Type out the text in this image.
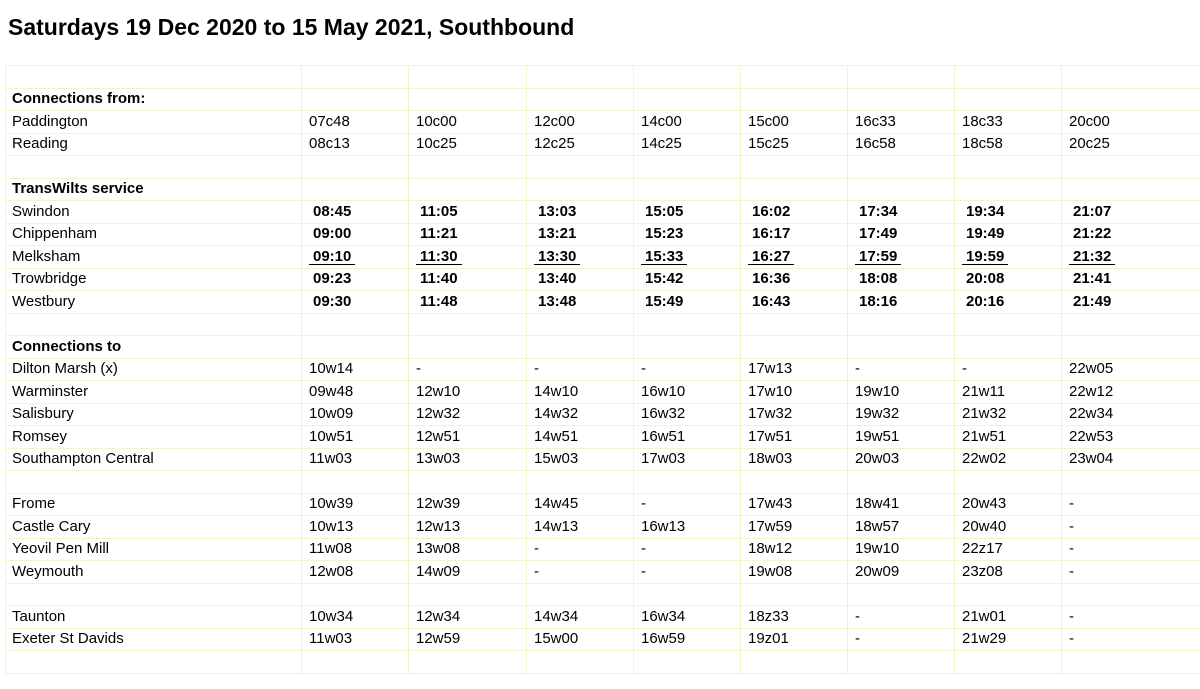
Saturdays 19 Dec 2020 to 15 May 2021, Southbound

Connections from:								
Paddington	07c48	10c00	12c00	14c00	15c00	16c33	18c33	20c00
Reading	08c13	10c25	12c25	14c25	15c25	16c58	18c58	20c25

TransWilts service								
Swindon	08:45	11:05	13:03	15:05	16:02	17:34	19:34	21:07
Chippenham	09:00	11:21	13:21	15:23	16:17	17:49	19:49	21:22
Melksham	09:10	11:30	13:30	15:33	16:27	17:59	19:59	21:32
Trowbridge	09:23	11:40	13:40	15:42	16:36	18:08	20:08	21:41
Westbury	09:30	11:48	13:48	15:49	16:43	18:16	20:16	21:49

Connections to								
Dilton Marsh (x)	10w14	-	-	-	17w13	-	-	22w05
Warminster	09w48	12w10	14w10	16w10	17w10	19w10	21w11	22w12
Salisbury	10w09	12w32	14w32	16w32	17w32	19w32	21w32	22w34
Romsey	10w51	12w51	14w51	16w51	17w51	19w51	21w51	22w53
Southampton Central	11w03	13w03	15w03	17w03	18w03	20w03	22w02	23w04

Frome	10w39	12w39	14w45	-	17w43	18w41	20w43	-
Castle Cary	10w13	12w13	14w13	16w13	17w59	18w57	20w40	-
Yeovil Pen Mill	11w08	13w08	-	-	18w12	19w10	22z17	-
Weymouth	12w08	14w09	-	-	19w08	20w09	23z08	-

Taunton	10w34	12w34	14w34	16w34	18z33	-	21w01	-
Exeter St Davids	11w03	12w59	15w00	16w59	19z01	-	21w29	-
